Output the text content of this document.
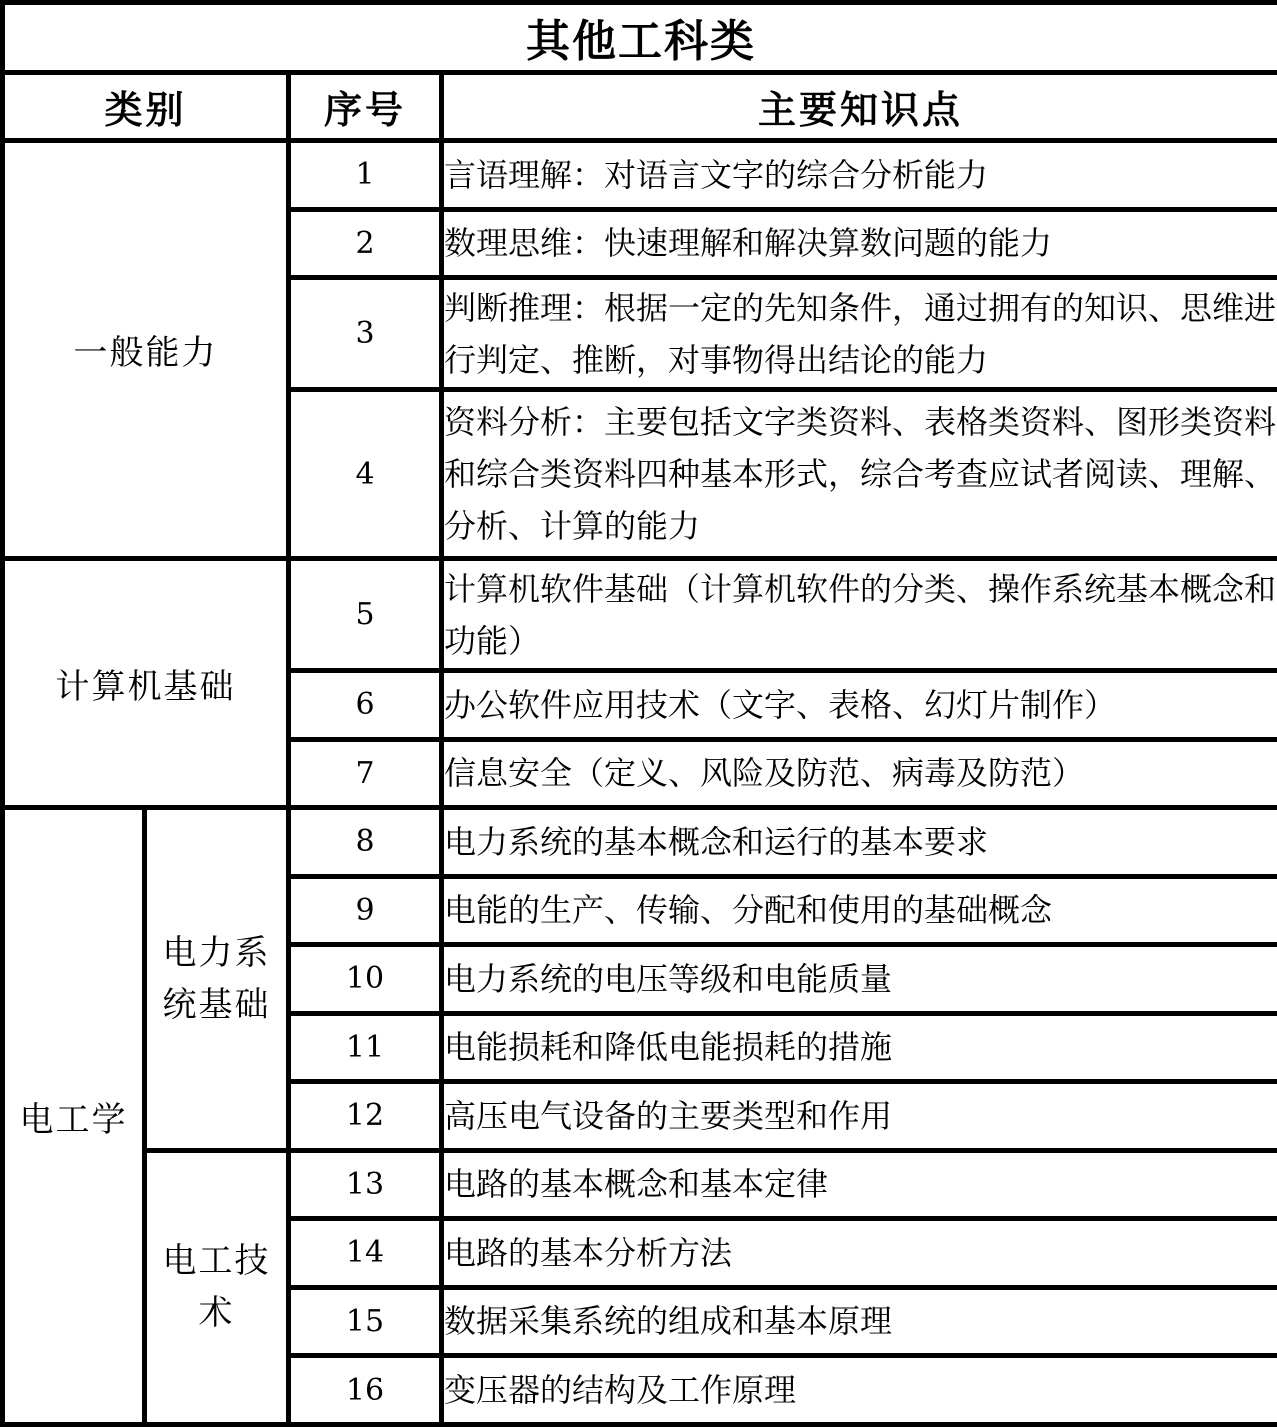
其他工科类			
类别		序号	主要知识点
一般能力		1	言语理解：对语言文字的综合分析能力
		2	数理思维：快速理解和解决算数问题的能力
		3	判断推理：根据一定的先知条件，通过拥有的知识、思维进行判定、推断，对事物得出结论的能力
		4	资料分析：主要包括文字类资料、表格类资料、图形类资料和综合类资料四种基本形式，综合考查应试者阅读、理解、分析、计算的能力
计算机基础		5	计算机软件基础（计算机软件的分类、操作系统基本概念和功能）
		6	办公软件应用技术（文字、表格、幻灯片制作）
		7	信息安全（定义、风险及防范、病毒及防范）
电工学	电力系统基础	8	电力系统的基本概念和运行的基本要求
		9	电能的生产、传输、分配和使用的基础概念
		10	电力系统的电压等级和电能质量
		11	电能损耗和降低电能损耗的措施
		12	高压电气设备的主要类型和作用
	电工技术	13	电路的基本概念和基本定律
		14	电路的基本分析方法
		15	数据采集系统的组成和基本原理
		16	变压器的结构及工作原理
